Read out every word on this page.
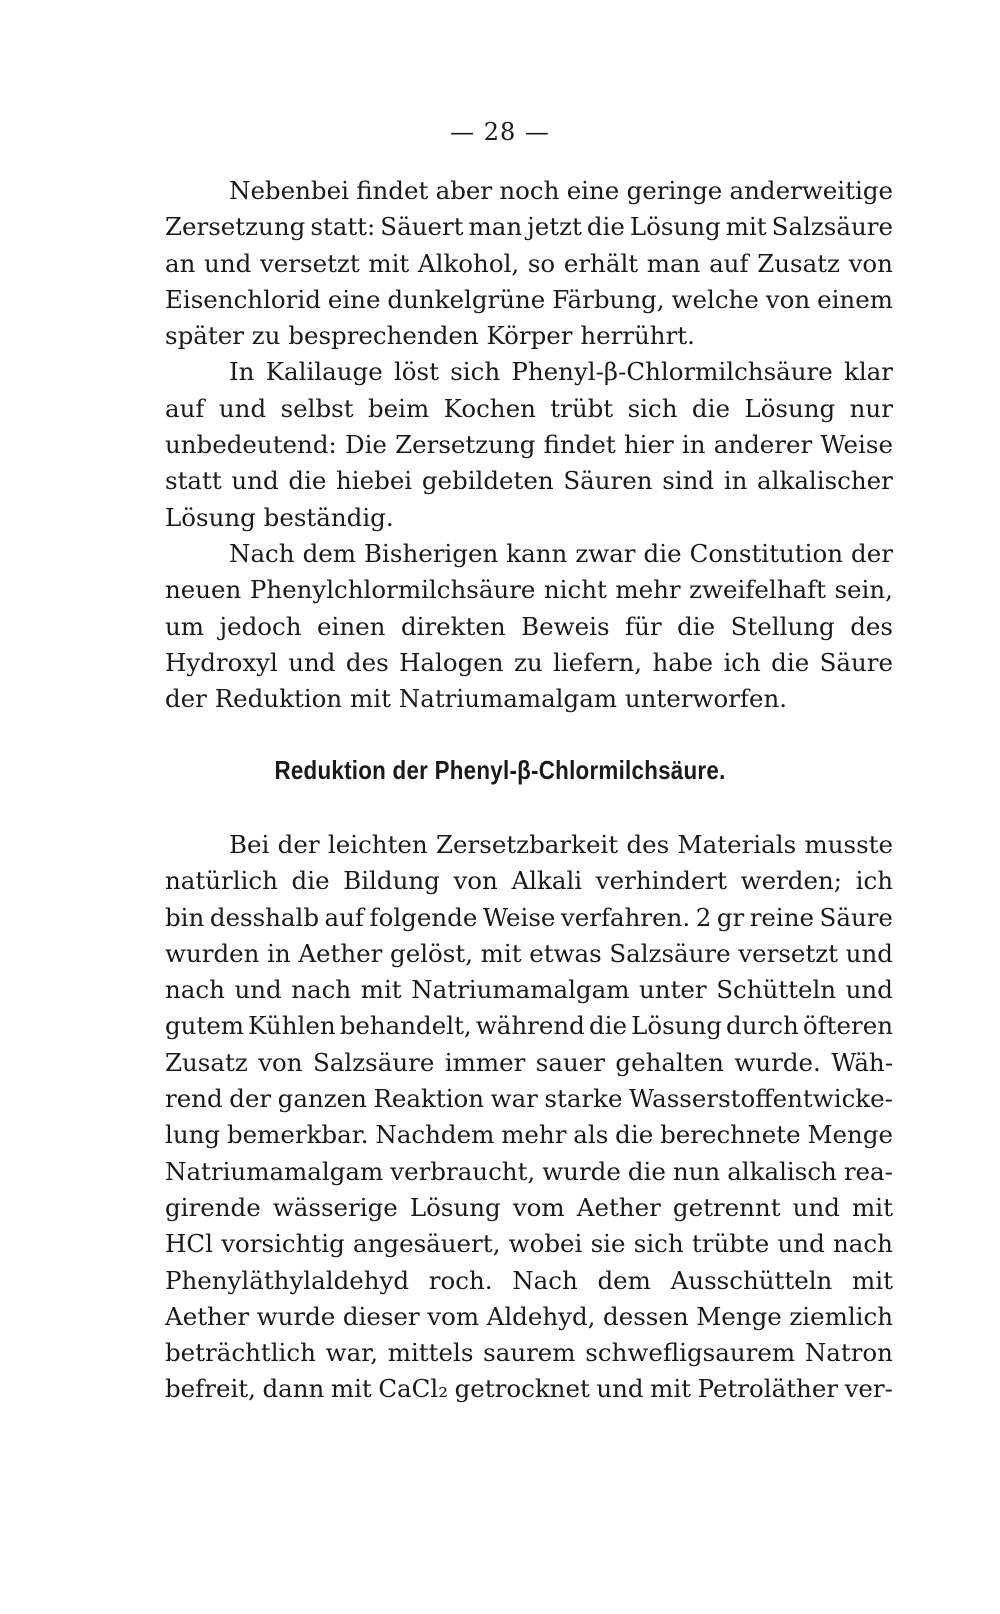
— 28 —
Nebenbei findet aber noch eine geringe anderweitige
Zersetzung statt: Säuert man jetzt die Lösung mit Salzsäure
an und versetzt mit Alkohol, so erhält man auf Zusatz von
Eisenchlorid eine dunkelgrüne Färbung, welche von einem
später zu besprechenden Körper herrührt.
In Kalilauge löst sich Phenyl-β-Chlormilchsäure klar
auf und selbst beim Kochen trübt sich die Lösung nur
unbedeutend: Die Zersetzung findet hier in anderer Weise
statt und die hiebei gebildeten Säuren sind in alkalischer
Lösung beständig.
Nach dem Bisherigen kann zwar die Constitution der
neuen Phenylchlormilchsäure nicht mehr zweifelhaft sein,
um jedoch einen direkten Beweis für die Stellung des
Hydroxyl und des Halogen zu liefern, habe ich die Säure
der Reduktion mit Natriumamalgam unterworfen.
Reduktion der Phenyl-β-Chlormilchsäure.
Bei der leichten Zersetzbarkeit des Materials musste
natürlich die Bildung von Alkali verhindert werden; ich
bin desshalb auf folgende Weise verfahren. 2 gr reine Säure
wurden in Aether gelöst, mit etwas Salzsäure versetzt und
nach und nach mit Natriumamalgam unter Schütteln und
gutem Kühlen behandelt, während die Lösung durch öfteren
Zusatz von Salzsäure immer sauer gehalten wurde. Wäh-
rend der ganzen Reaktion war starke Wasserstoffentwicke-
lung bemerkbar. Nachdem mehr als die berechnete Menge
Natriumamalgam verbraucht, wurde die nun alkalisch rea-
girende wässerige Lösung vom Aether getrennt und mit
HCl vorsichtig angesäuert, wobei sie sich trübte und nach
Phenyläthylaldehyd roch. Nach dem Ausschütteln mit
Aether wurde dieser vom Aldehyd, dessen Menge ziemlich
beträchtlich war, mittels saurem schwefligsaurem Natron
befreit, dann mit CaCl₂ getrocknet und mit Petroläther ver-
